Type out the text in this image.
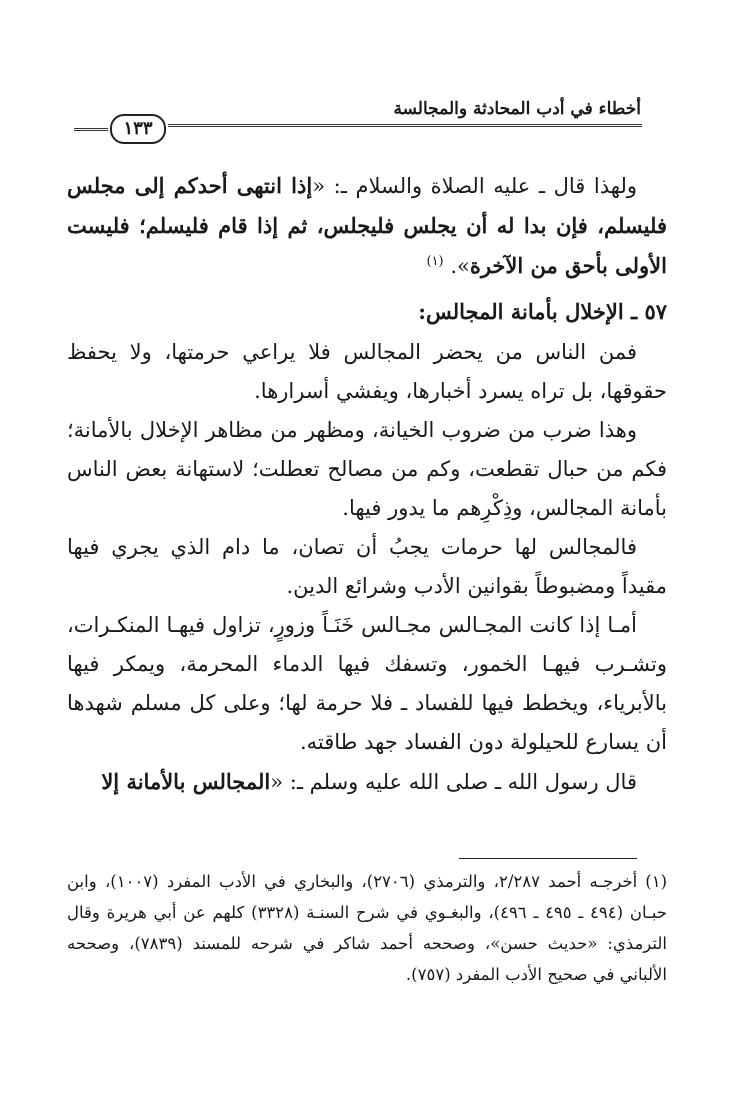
أخطاء في أدب المحادثة والمجالسة
١٣٣

ولهذا قال ـ عليه الصلاة والسلام ـ: «إذا انتهى أحدكم إلى مجلس فليسلم، فإن بدا له أن يجلس فليجلس، ثم إذا قام فليسلم؛ فليست الأولى بأحق من الآخرة». $^{(١)}$

٥٧ ـ الإخلال بأمانة المجالس:

فمن الناس من يحضر المجالس فلا يراعي حرمتها، ولا يحفظ حقوقها، بل تراه يسرد أخبارها، ويفشي أسرارها.

وهذا ضرب من ضروب الخيانة، ومظهر من مظاهر الإخلال بالأمانة؛ فكم من حبال تقطعت، وكم من مصالح تعطلت؛ لاستهانة بعض الناس بأمانة المجالس، وذِكْرِهم ما يدور فيها.

فالمجالس لها حرمات يجبُ أن تصان، ما دام الذي يجري فيها مقيداً ومضبوطاً بقوانين الأدب وشرائع الدين.

أمـا إذا كانت المجـالس مجـالس خَنَـاً وزورٍ، تزاول فيهـا المنكـرات، وتشـرب فيهـا الخمور، وتسفك فيها الدماء المحرمة، ويمكر فيها بالأبرياء، ويخطط فيها للفساد ـ فلا حرمة لها؛ وعلى كل مسلم شهدها أن يسارع للحيلولة دون الفساد جهد طاقته.

قال رسول الله ـ صلى الله عليه وسلم ـ: «المجالس بالأمانة إلا

(١)أخرجـه أحمد ٢/٢٨٧، والترمذي (٢٧٠٦)، والبخاري في الأدب المفرد (١٠٠٧)، وابن حبـان (٤٩٤ ـ ٤٩٥ ـ ٤٩٦)، والبغـوي في شرح السنـة (٣٣٢٨) كلهم عن أبي هريرة وقال الترمذي: «حديث حسن»، وصححه أحمد شاكر في شرحه للمسند (٧٨٣٩)، وصححه الألباني في صحيح الأدب المفرد (٧٥٧).
